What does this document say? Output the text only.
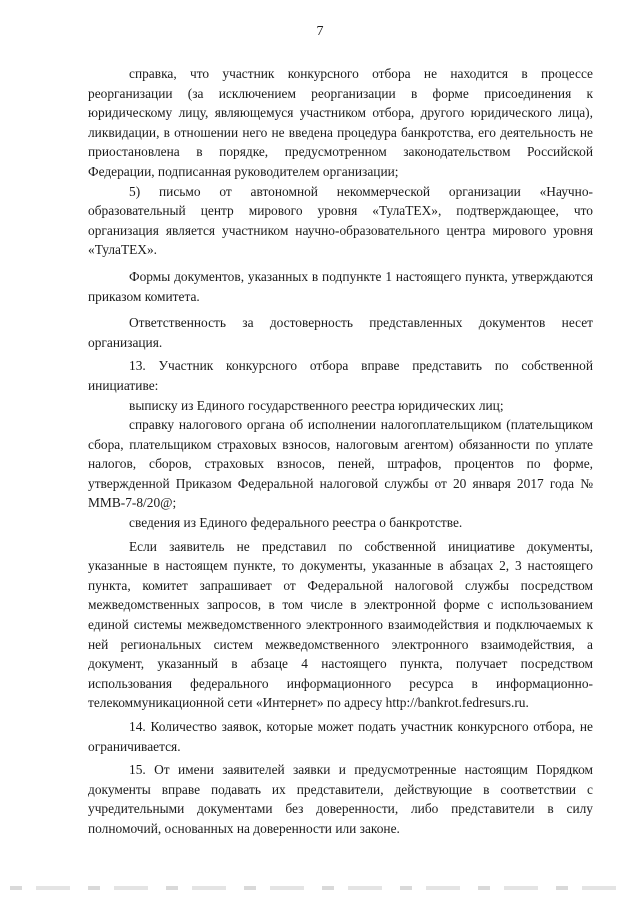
7

справка, что участник конкурсного отбора не находится в процессе реорганизации (за исключением реорганизации в форме присоединения к юридическому лицу, являющемуся участником отбора, другого юридического лица), ликвидации, в отношении него не введена процедура банкротства, его деятельность не приостановлена в порядке, предусмотренном законодательством Российской Федерации, подписанная руководителем организации;

5) письмо от автономной некоммерческой организации «Научно-образовательный центр мирового уровня «ТулаТЕХ», подтверждающее, что организация является участником научно-образовательного центра мирового уровня «ТулаТЕХ».

Формы документов, указанных в подпункте 1 настоящего пункта, утверждаются приказом комитета.

Ответственность за достоверность представленных документов несет организация.

13. Участник конкурсного отбора вправе представить по собственной инициативе:

выписку из Единого государственного реестра юридических лиц;

справку налогового органа об исполнении налогоплательщиком (плательщиком сбора, плательщиком страховых взносов, налоговым агентом) обязанности по уплате налогов, сборов, страховых взносов, пеней, штрафов, процентов по форме, утвержденной Приказом Федеральной налоговой службы от 20 января 2017 года № ММВ-7-8/20@;

сведения из Единого федерального реестра о банкротстве.

Если заявитель не представил по собственной инициативе документы, указанные в настоящем пункте, то документы, указанные в абзацах 2, 3 настоящего пункта, комитет запрашивает от Федеральной налоговой службы посредством межведомственных запросов, в том числе в электронной форме с использованием единой системы межведомственного электронного взаимодействия и подключаемых к ней региональных систем межведомственного электронного взаимодействия, а документ, указанный в абзаце 4 настоящего пункта, получает посредством использования федерального информационного ресурса в информационно-телекоммуникационной сети «Интернет» по адресу http://bankrot.fedresurs.ru.

14. Количество заявок, которые может подать участник конкурсного отбора, не ограничивается.

15. От имени заявителей заявки и предусмотренные настоящим Порядком документы вправе подавать их представители, действующие в соответствии с учредительными документами без доверенности, либо представители в силу полномочий, основанных на доверенности или законе.
